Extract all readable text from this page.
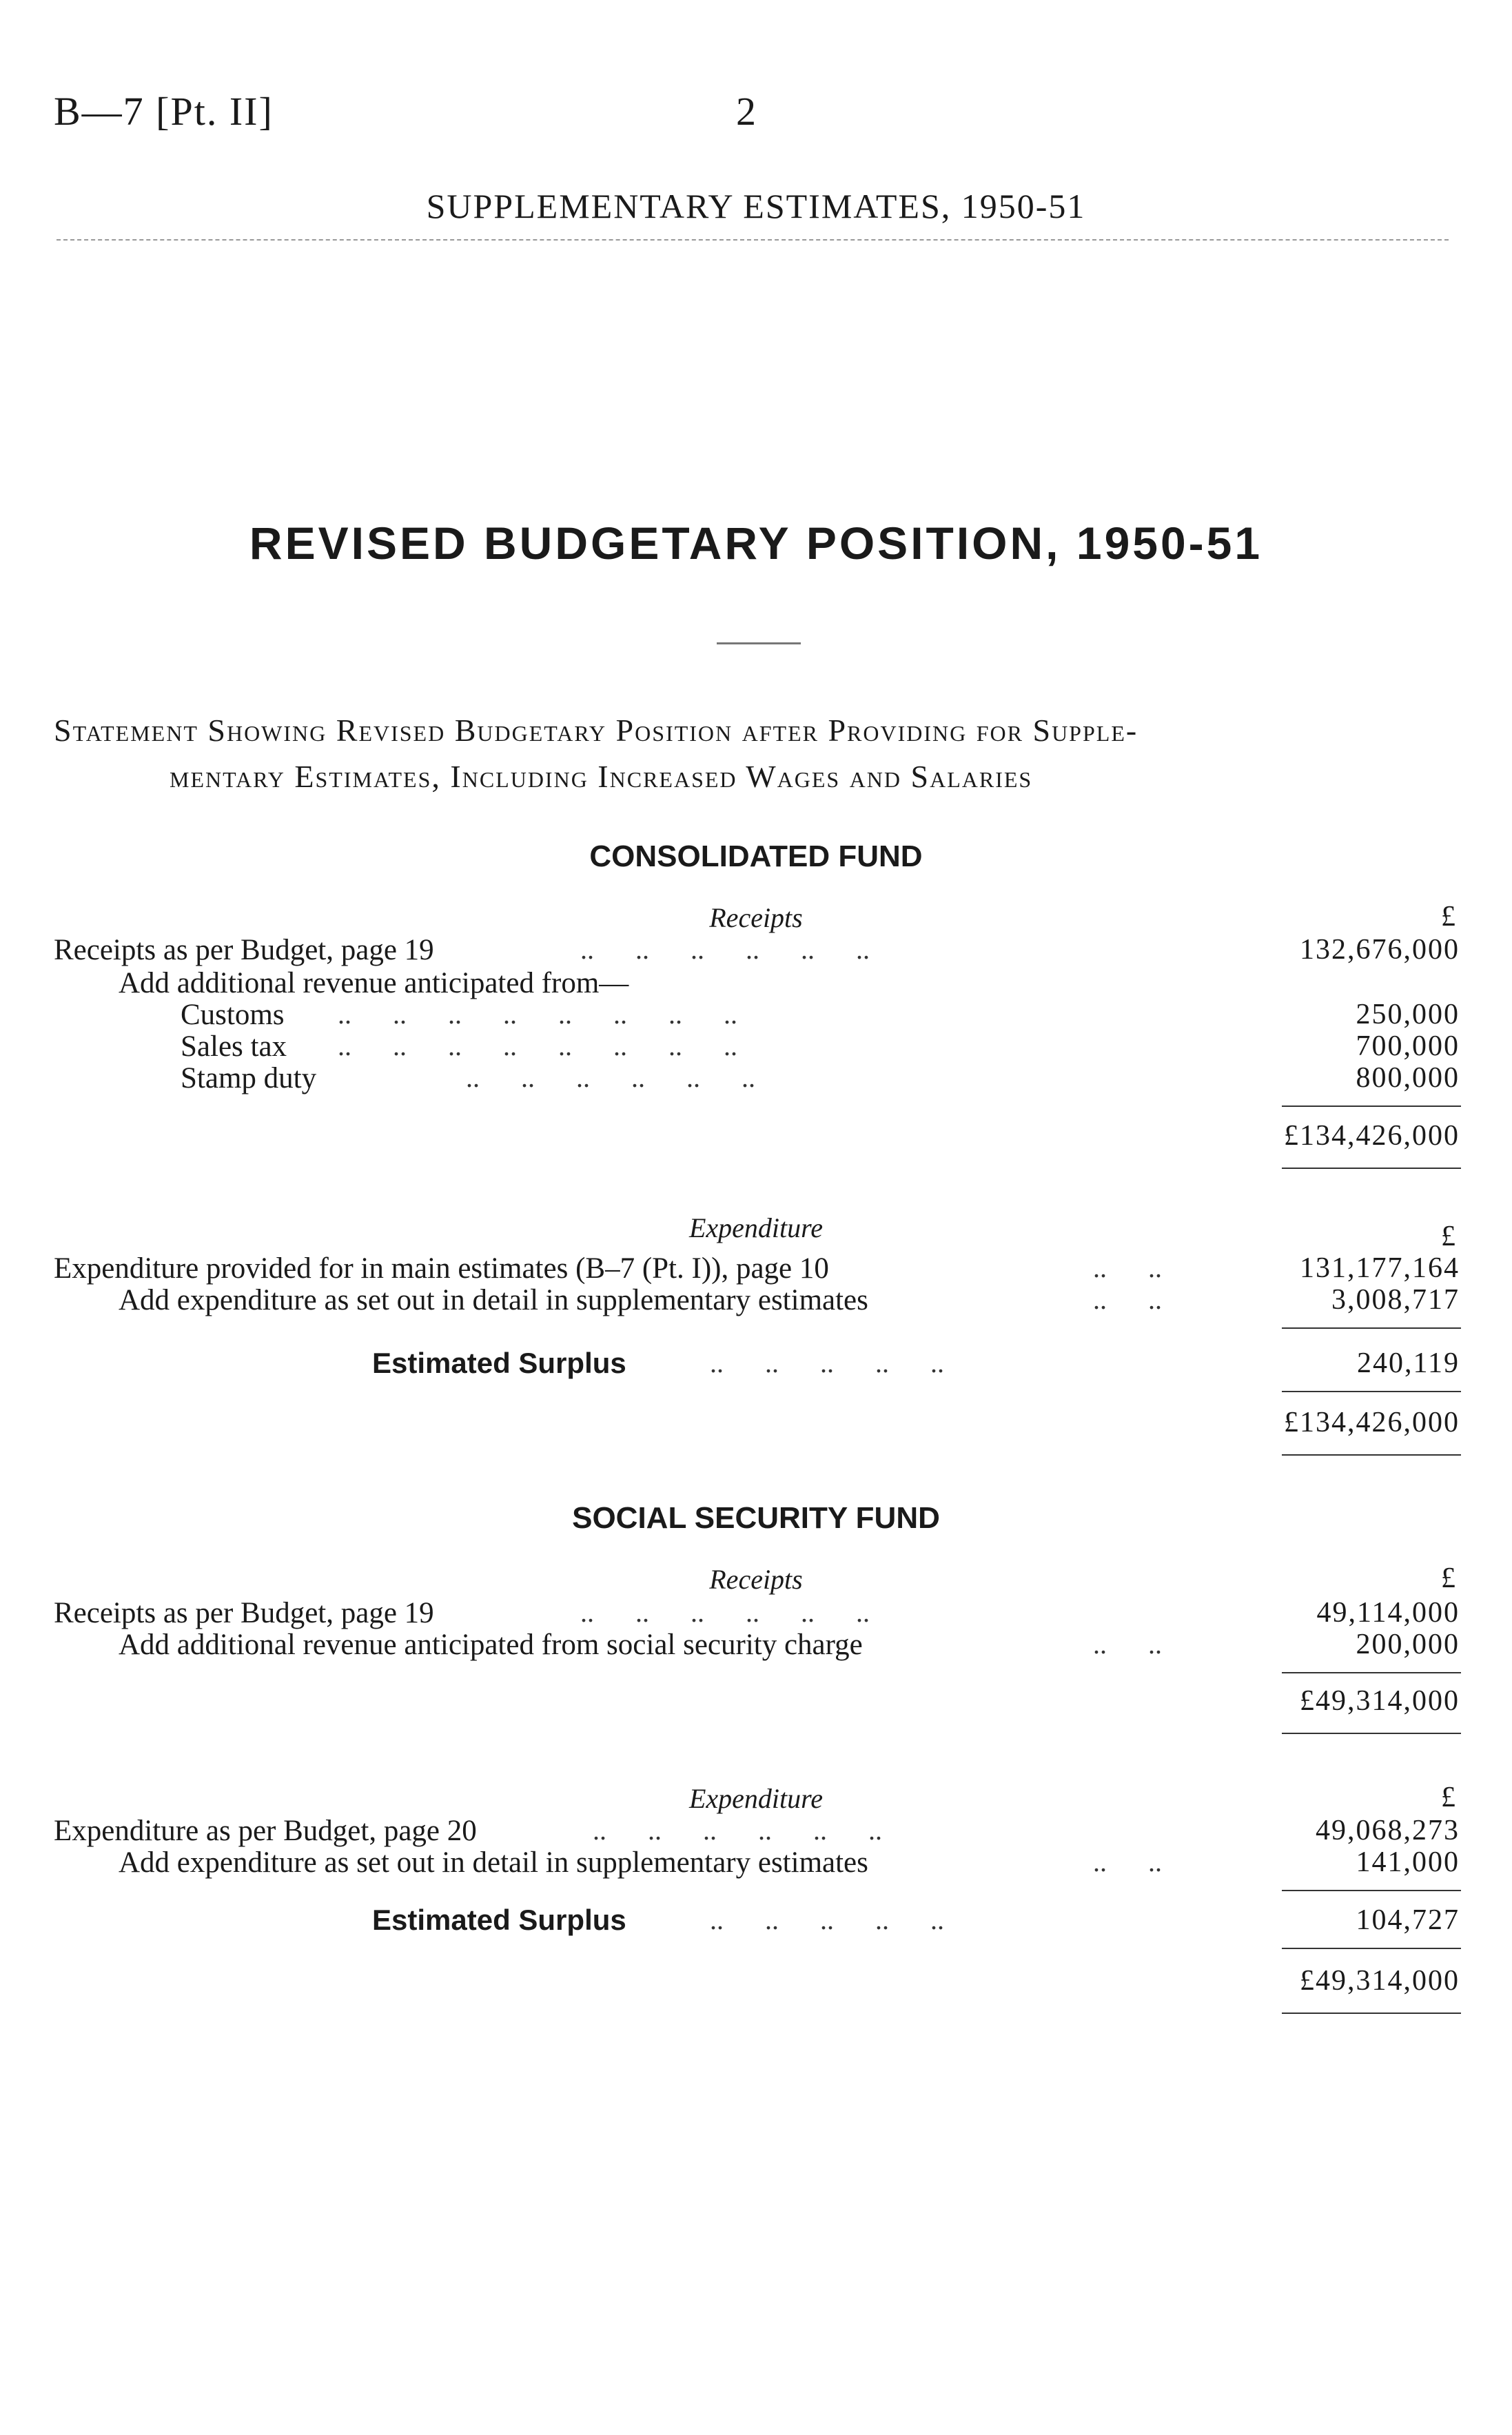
B—7 [Pt. II]	2
SUPPLEMENTARY ESTIMATES, 1950-51
REVISED BUDGETARY POSITION, 1950-51
Statement Showing Revised Budgetary Position after Providing for Supple-
mentary Estimates, Including Increased Wages and Salaries
CONSOLIDATED FUND
Receipts	£
Receipts as per Budget, page 19	..      ..      ..      ..      ..      ..	132,676,000
Add additional revenue anticipated from—
Customs ..      ..      ..      ..      ..      ..      ..      ..	250,000
Sales tax ..      ..      ..      ..      ..      ..      ..      ..	700,000
Stamp duty	..      ..      ..      ..      ..      ..	800,000
£134,426,000
Expenditure	£
Expenditure provided for in main estimates (B–7 (Pt. I)), page 10	..      ..	131,177,164
Add expenditure as set out in detail in supplementary estimates	..      ..	3,008,717
Estimated Surplus	..      ..      ..      ..      ..	240,119
£134,426,000
SOCIAL SECURITY FUND
Receipts	£
Receipts as per Budget, page 19	..      ..      ..      ..      ..      ..	49,114,000
Add additional revenue anticipated from social security charge	..      ..	200,000
£49,314,000
Expenditure	£
Expenditure as per Budget, page 20	..      ..      ..      ..      ..      ..	49,068,273
Add expenditure as set out in detail in supplementary estimates	..      ..	141,000
Estimated Surplus	..      ..      ..      ..      ..	104,727
£49,314,000
